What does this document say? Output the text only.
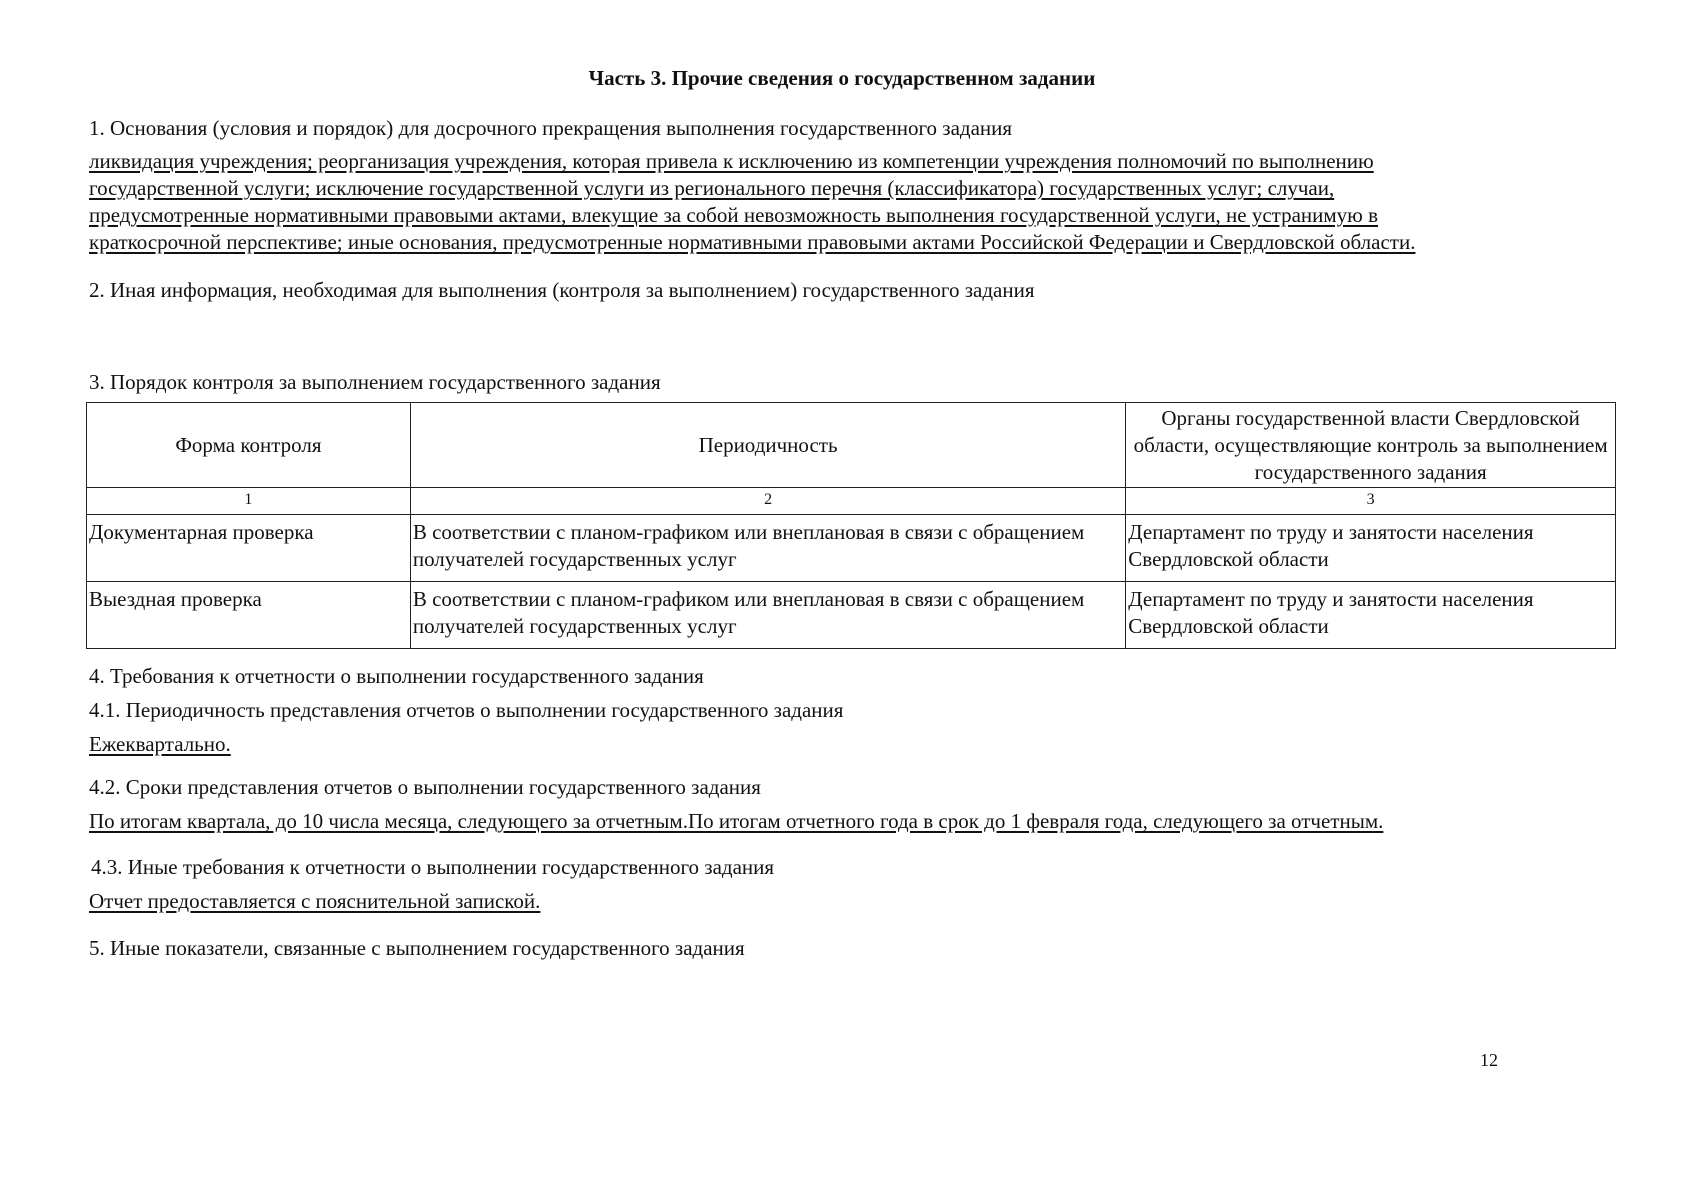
Часть 3. Прочие сведения о государственном задании
1. Основания (условия и порядок) для досрочного прекращения выполнения государственного задания
ликвидация учреждения; реорганизация учреждения, которая привела к исключению из компетенции учреждения полномочий по выполнению
государственной услуги; исключение государственной услуги из регионального перечня (классификатора) государственных услуг; случаи,
предусмотренные нормативными правовыми актами, влекущие за собой невозможность выполнения государственной услуги, не устранимую в
краткосрочной перспективе; иные основания, предусмотренные нормативными правовыми актами Российской Федерации и Свердловской области.
2. Иная информация, необходимая для выполнения (контроля за выполнением) государственного задания
3. Порядок контроля за выполнением государственного задания
Форма контроля	Периодичность	Органы государственной власти Свердловской области, осуществляющие контроль за выполнением государственного задания
1	2	3
Документарная проверка	В соответствии с планом-графиком или внеплановая в связи с обращением получателей государственных услуг	Департамент по труду и занятости населения Свердловской области
Выездная проверка	В соответствии с планом-графиком или внеплановая в связи с обращением получателей государственных услуг	Департамент по труду и занятости населения Свердловской области
4. Требования к отчетности о выполнении государственного задания
4.1. Периодичность представления отчетов о выполнении государственного задания
Ежеквартально.
4.2. Сроки представления отчетов о выполнении государственного задания
По итогам квартала, до 10 числа месяца, следующего за отчетным.По итогам отчетного года в срок до 1 февраля года, следующего за отчетным.
4.3. Иные требования к отчетности о выполнении государственного задания
Отчет предоставляется с пояснительной запиской.
5. Иные показатели, связанные с выполнением государственного задания
12
